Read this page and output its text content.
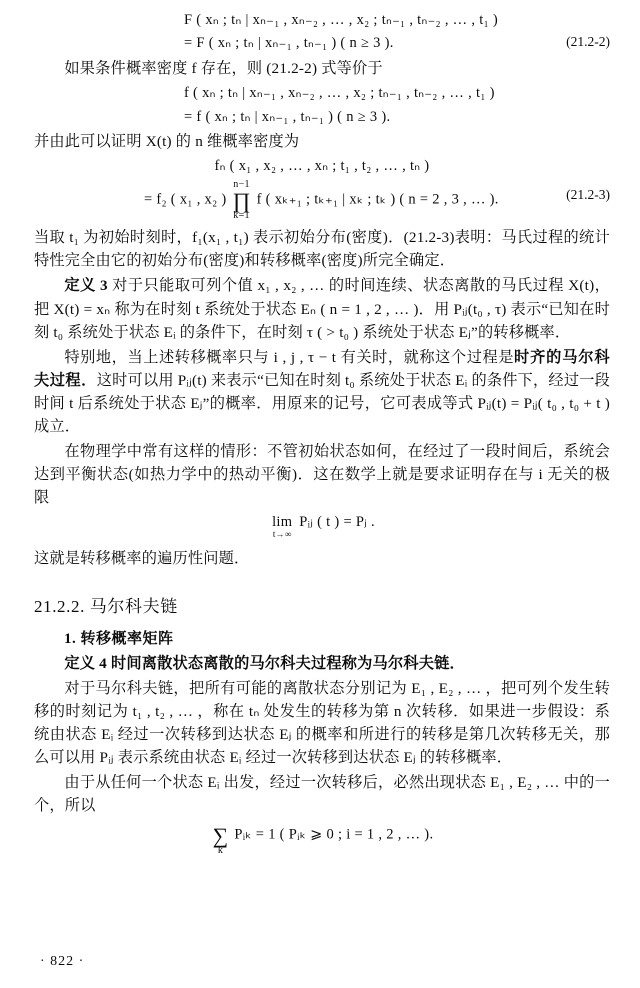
F ( xₙ ; tₙ | xₙ₋₁ , xₙ₋₂ , … , x₂ ; tₙ₋₁ , tₙ₋₂ , … , t₁ )
= F ( xₙ ; tₙ | xₙ₋₁ , tₙ₋₁ ) ( n ≥ 3 ).	(21.2-2)

如果条件概率密度 f 存在，则 (21.2-2) 式等价于

f ( xₙ ; tₙ | xₙ₋₁ , xₙ₋₂ , … , x₂ ; tₙ₋₁ , tₙ₋₂ , … , t₁ )
= f ( xₙ ; tₙ | xₙ₋₁ , tₙ₋₁ ) ( n ≥ 3 ).

并由此可以证明 X(t) 的 n 维概率密度为

fₙ ( x₁ , x₂ , … , xₙ ; t₁ , t₂ , … , tₙ )
= f₂ ( x₁ , x₂ ) ∏
n−1
k=1
f ( xₖ₊₁ ; tₖ₊₁ | xₖ ; tₖ ) ( n = 2 , 3 , … ).	(21.2-3)

当取 t₁ 为初始时刻时，f₁(x₁ , t₁) 表示初始分布(密度)．(21.2-3)表明：马氏过程的统计特性完全由它的初始分布(密度)和转移概率(密度)所完全确定．

定义 3 对于只能取可列个值 x₁ , x₂ , … 的时间连续、状态离散的马氏过程 X(t)，把 X(t) = xₙ 称为在时刻 t 系统处于状态 Eₙ ( n = 1 , 2 , … )．用 Pᵢⱼ(t₀ , τ) 表示“已知在时刻 t₀ 系统处于状态 Eᵢ 的条件下，在时刻 τ ( > t₀ ) 系统处于状态 Eⱼ”的转移概率．

特别地，当上述转移概率只与 i , j , τ − t 有关时，就称这个过程是时齐的马尔科夫过程．这时可以用 Pᵢⱼ(t) 来表示“已知在时刻 t₀ 系统处于状态 Eᵢ 的条件下，经过一段时间 t 后系统处于状态 Eⱼ”的概率．用原来的记号，它可表成等式 Pᵢⱼ(t) = Pᵢⱼ( t₀ , t₀ + t ) 成立．

在物理学中常有这样的情形：不管初始状态如何，在经过了一段时间后，系统会达到平衡状态(如热力学中的热动平衡)．这在数学上就是要求证明存在与 i 无关的极限

lim
t→∞
Pᵢⱼ ( t ) = Pⱼ .

这就是转移概率的遍历性问题．

21.2.2. 马尔科夫链
1. 转移概率矩阵

定义 4 时间离散状态离散的马尔科夫过程称为马尔科夫链．

对于马尔科夫链，把所有可能的离散状态分别记为 E₁ , E₂ , … ，把可列个发生转移的时刻记为 t₁ , t₂ , … ，称在 tₙ 处发生的转移为第 n 次转移．如果进一步假设：系统由状态 Eᵢ 经过一次转移到达状态 Eⱼ 的概率和所进行的转移是第几次转移无关，那么可以用 Pᵢⱼ 表示系统由状态 Eᵢ 经过一次转移到达状态 Eⱼ 的转移概率．

由于从任何一个状态 Eᵢ 出发，经过一次转移后，必然出现状态 E₁ , E₂ , … 中的一个，所以

∑
k
Pᵢₖ = 1 ( Pᵢₖ ⩾ 0 ; i = 1 , 2 , … ).
· 822 ·
